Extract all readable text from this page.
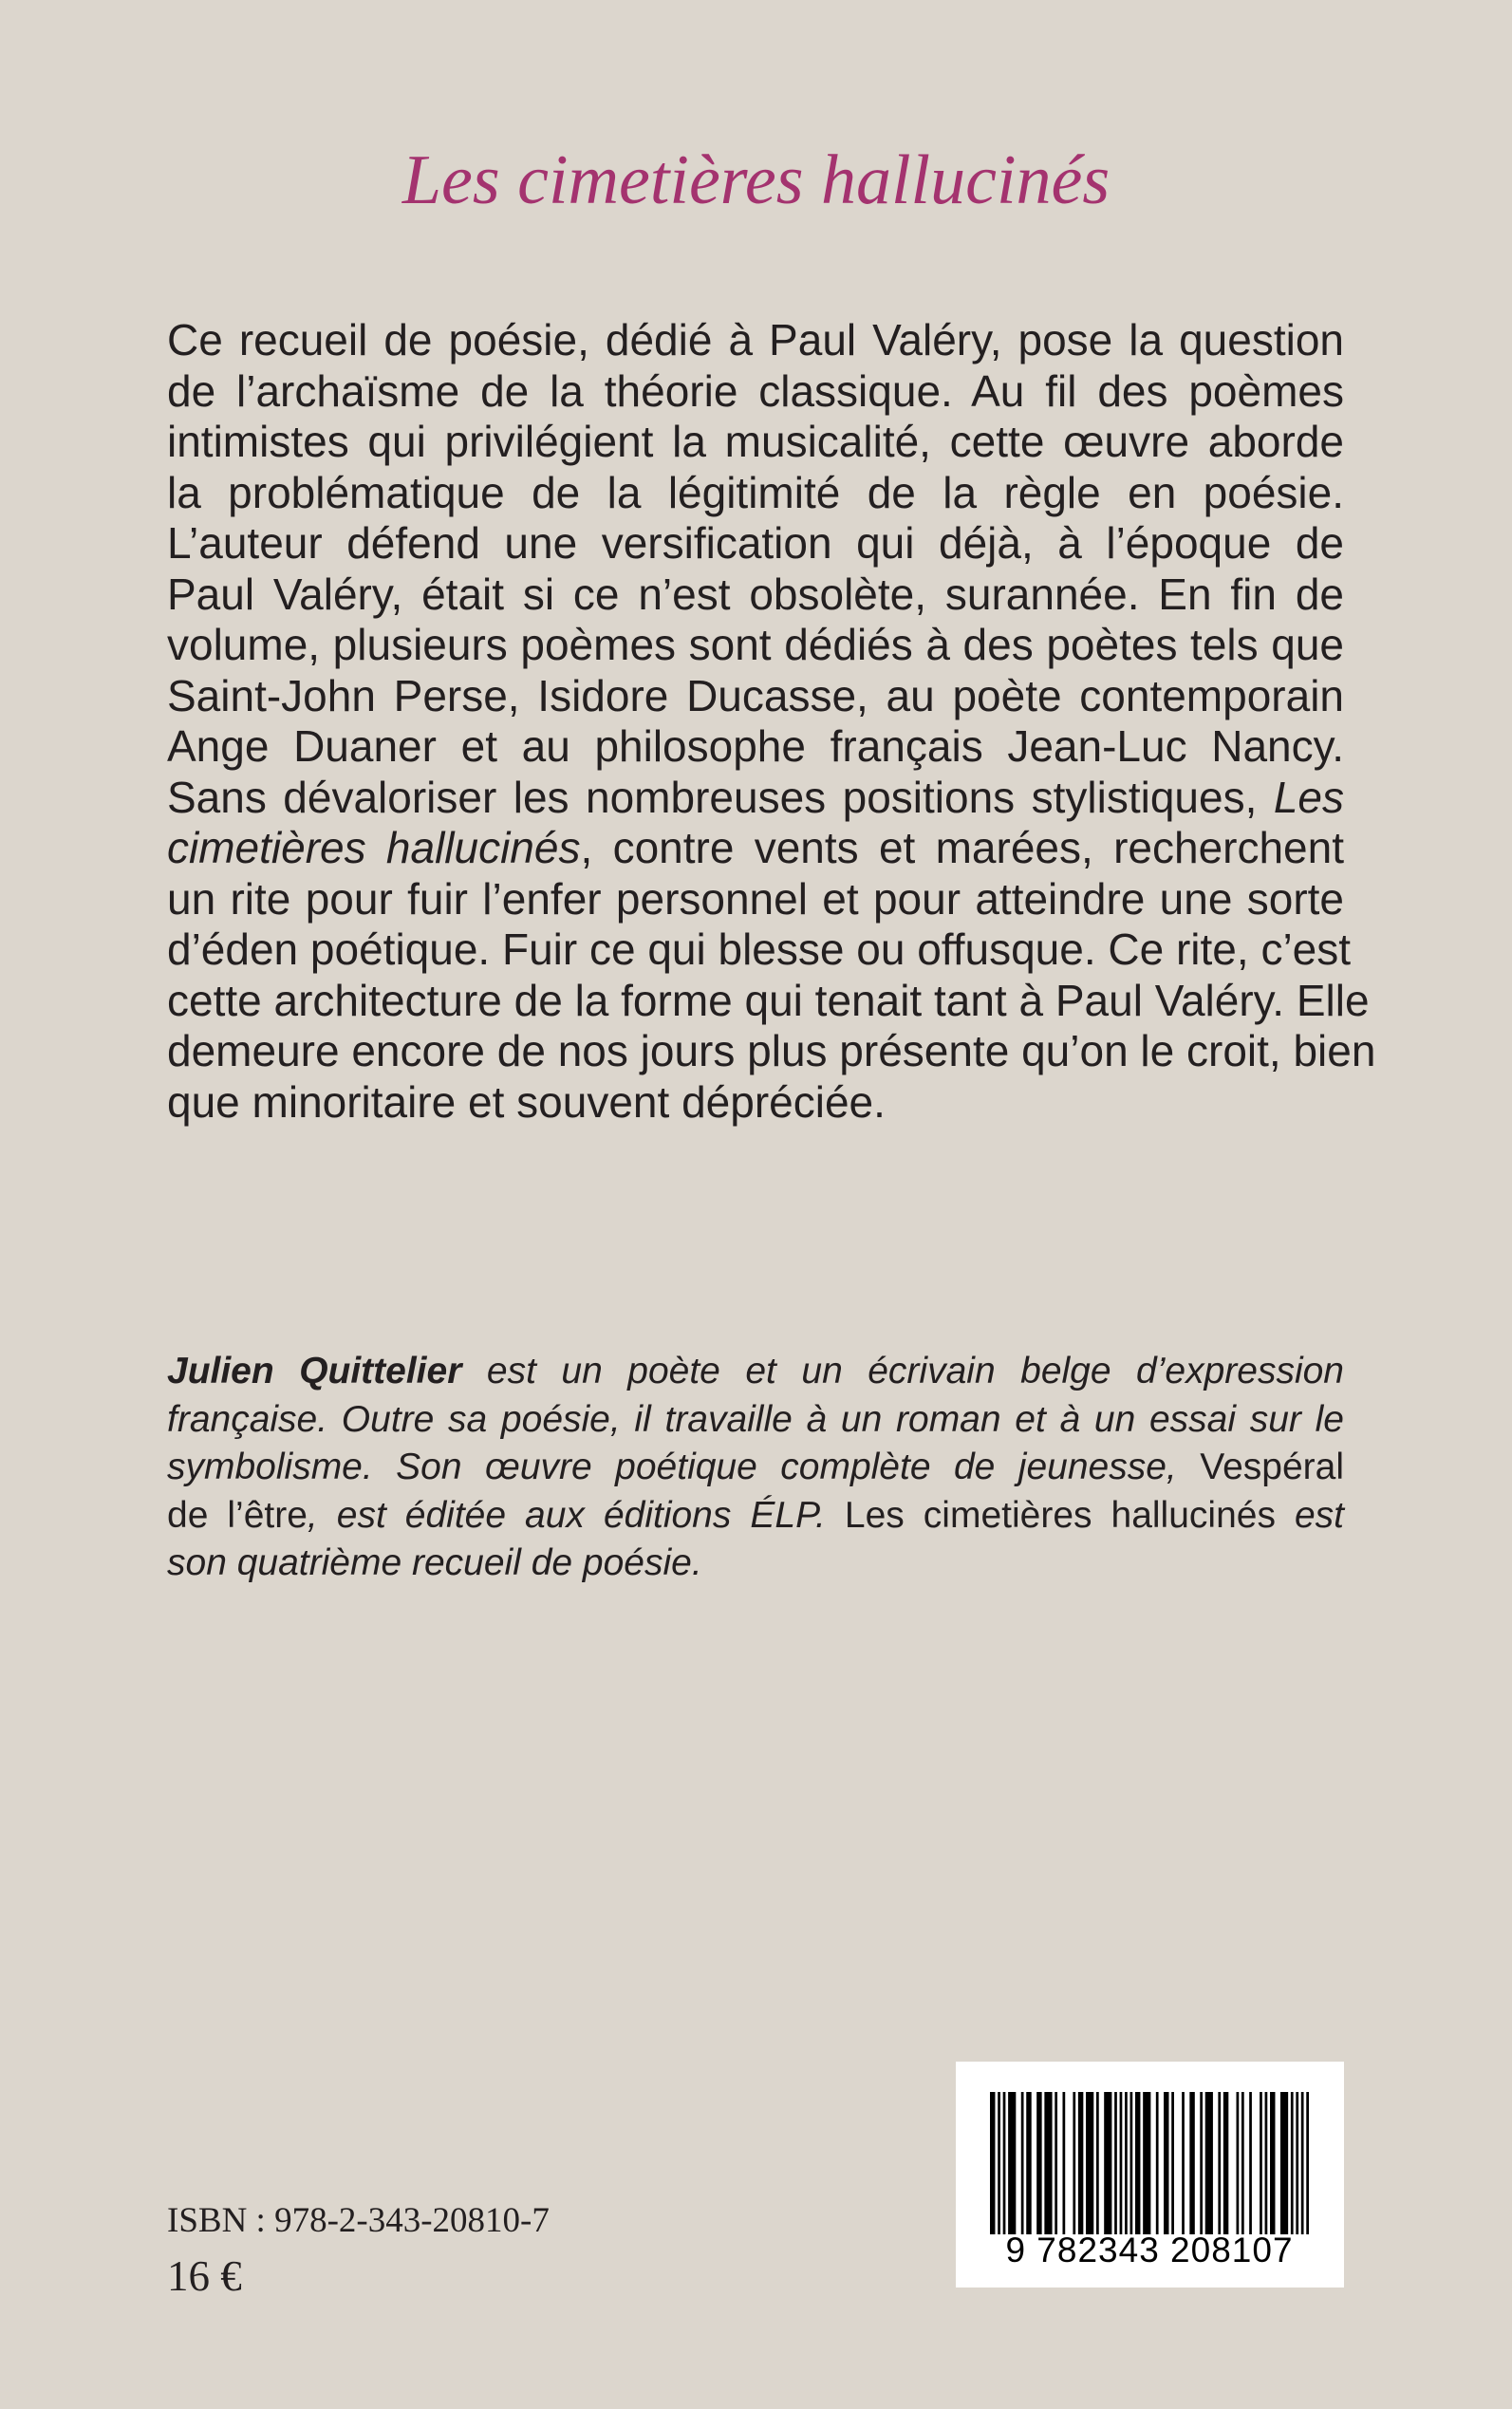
Les cimetières hallucinés
Ce recueil de poésie, dédié à Paul Valéry, pose la question
de l’archaïsme de la théorie classique. Au fil des poèmes
intimistes qui privilégient la musicalité, cette œuvre aborde
la problématique de la légitimité de la règle en poésie.
L’auteur défend une versification qui déjà, à l’époque de
Paul Valéry, était si ce n’est obsolète, surannée. En fin de
volume, plusieurs poèmes sont dédiés à des poètes tels que
Saint-John Perse, Isidore Ducasse, au poète contemporain
Ange Duaner et au philosophe français Jean-Luc Nancy.
Sans dévaloriser les nombreuses positions stylistiques, Les
cimetières hallucinés, contre vents et marées, recherchent
un rite pour fuir l’enfer personnel et pour atteindre une sorte
d’éden poétique. Fuir ce qui blesse ou offusque. Ce rite, c’est
cette architecture de la forme qui tenait tant à Paul Valéry. Elle
demeure encore de nos jours plus présente qu’on le croit, bien
que minoritaire et souvent dépréciée.
Julien Quittelier est un poète et un écrivain belge d’expression
française. Outre sa poésie, il travaille à un roman et à un essai sur le
symbolisme. Son œuvre poétique complète de jeunesse, Vespéral
de l’être, est éditée aux éditions ÉLP. Les cimetières hallucinés est
son quatrième recueil de poésie.
ISBN : 978-2-343-20810-7
16 €
9 782343 208107
